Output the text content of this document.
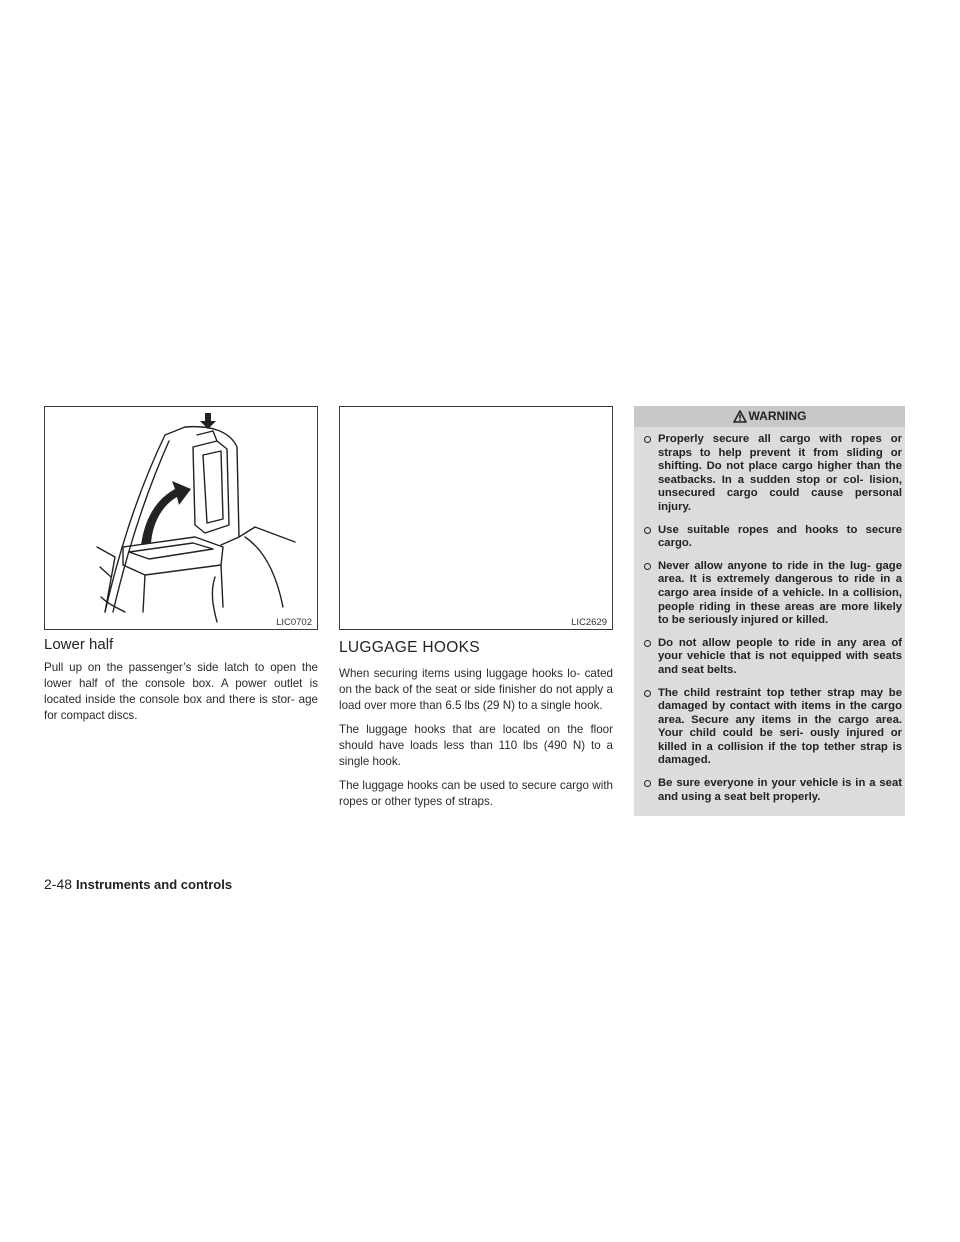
LIC0702	LIC2629
Lower half

Pull up on the passenger’s side latch to open the lower half of the console box. A power outlet is located inside the console box and there is stor- age for compact discs.

LUGGAGE HOOKS

When securing items using luggage hooks lo- cated on the back of the seat or side finisher do not apply a load over more than 6.5 lbs (29 N) to a single hook.

The luggage hooks that are located on the floor should have loads less than 110 lbs (490 N) to a single hook.

The luggage hooks can be used to secure cargo with ropes or other types of straps.

WARNING
Properly secure all cargo with ropes or straps to help prevent it from sliding or shifting. Do not place cargo higher than the seatbacks. In a sudden stop or col- lision, unsecured cargo could cause personal injury.
Use suitable ropes and hooks to secure cargo.
Never allow anyone to ride in the lug- gage area. It is extremely dangerous to ride in a cargo area inside of a vehicle. In a collision, people riding in these areas are more likely to be seriously injured or killed.
Do not allow people to ride in any area of your vehicle that is not equipped with seats and seat belts.
The child restraint top tether strap may be damaged by contact with items in the cargo area. Secure any items in the cargo area. Your child could be seri- ously injured or killed in a collision if the top tether strap is damaged.
Be sure everyone in your vehicle is in a seat and using a seat belt properly.
2-48 Instruments and controls
